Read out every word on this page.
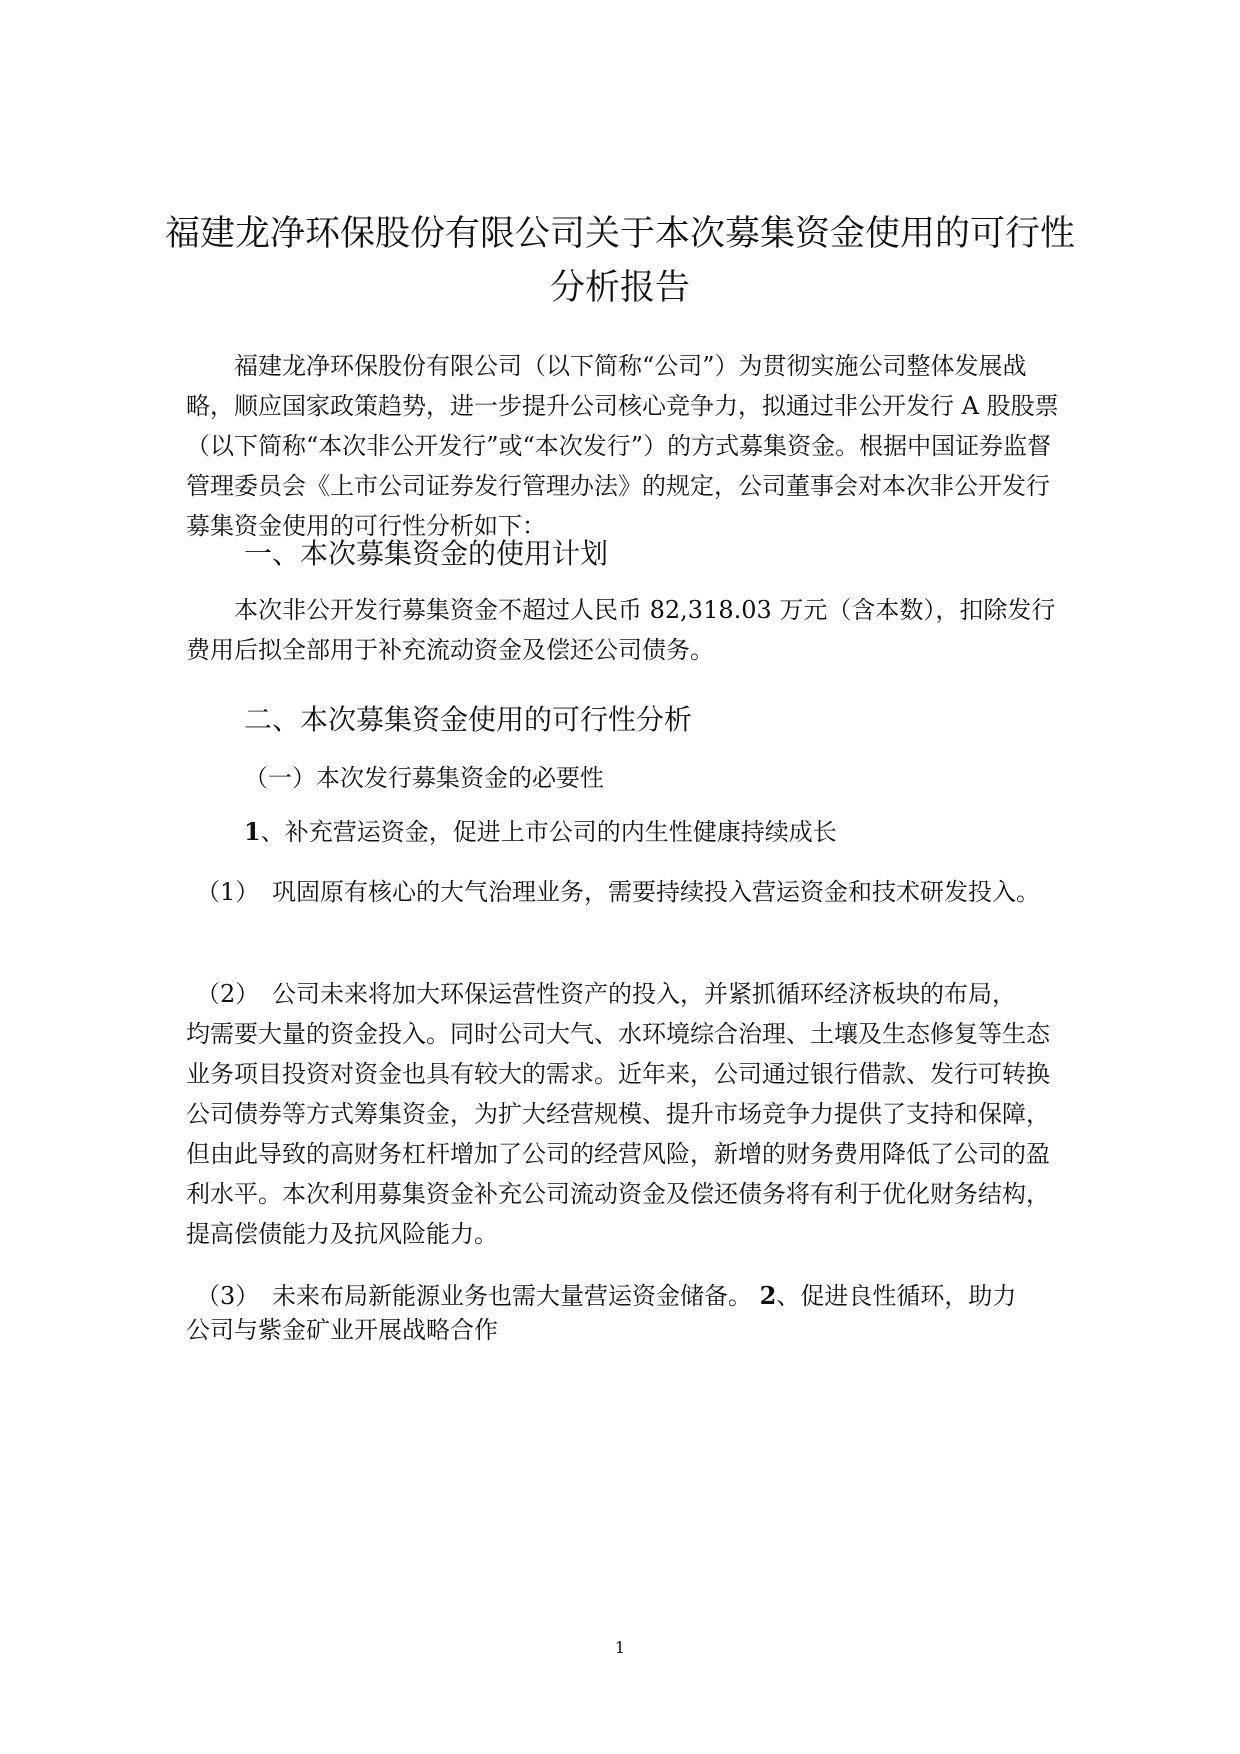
福建龙净环保股份有限公司关于本次募集资金使用的可行性分析报告
福建龙净环保股份有限公司（以下简称“公司”）为贯彻实施公司整体发展战略，顺应国家政策趋势，进一步提升公司核心竞争力，拟通过非公开发行 A 股股票（以下简称“本次非公开发行”或“本次发行”）的方式募集资金。根据中国证券监督管理委员会《上市公司证券发行管理办法》的规定，公司董事会对本次非公开发行募集资金使用的可行性分析如下：
一、本次募集资金的使用计划
本次非公开发行募集资金不超过人民币 82,318.03 万元（含本数），扣除发行费用后拟全部用于补充流动资金及偿还公司债务。
二、本次募集资金使用的可行性分析
（一）本次发行募集资金的必要性
1、补充营运资金，促进上市公司的内生性健康持续成长
（1） 巩固原有核心的大气治理业务，需要持续投入营运资金和技术研发投入。
（2） 公司未来将加大环保运营性资产的投入，并紧抓循环经济板块的布局，
均需要大量的资金投入。同时公司大气、水环境综合治理、土壤及生态修复等生态业务项目投资对资金也具有较大的需求。近年来，公司通过银行借款、发行可转换公司债券等方式筹集资金，为扩大经营规模、提升市场竞争力提供了支持和保障，但由此导致的高财务杠杆增加了公司的经营风险，新增的财务费用降低了公司的盈利水平。本次利用募集资金补充公司流动资金及偿还债务将有利于优化财务结构，提高偿债能力及抗风险能力。
（3） 未来布局新能源业务也需大量营运资金储备。 2、促进良性循环，助力
公司与紫金矿业开展战略合作
1
